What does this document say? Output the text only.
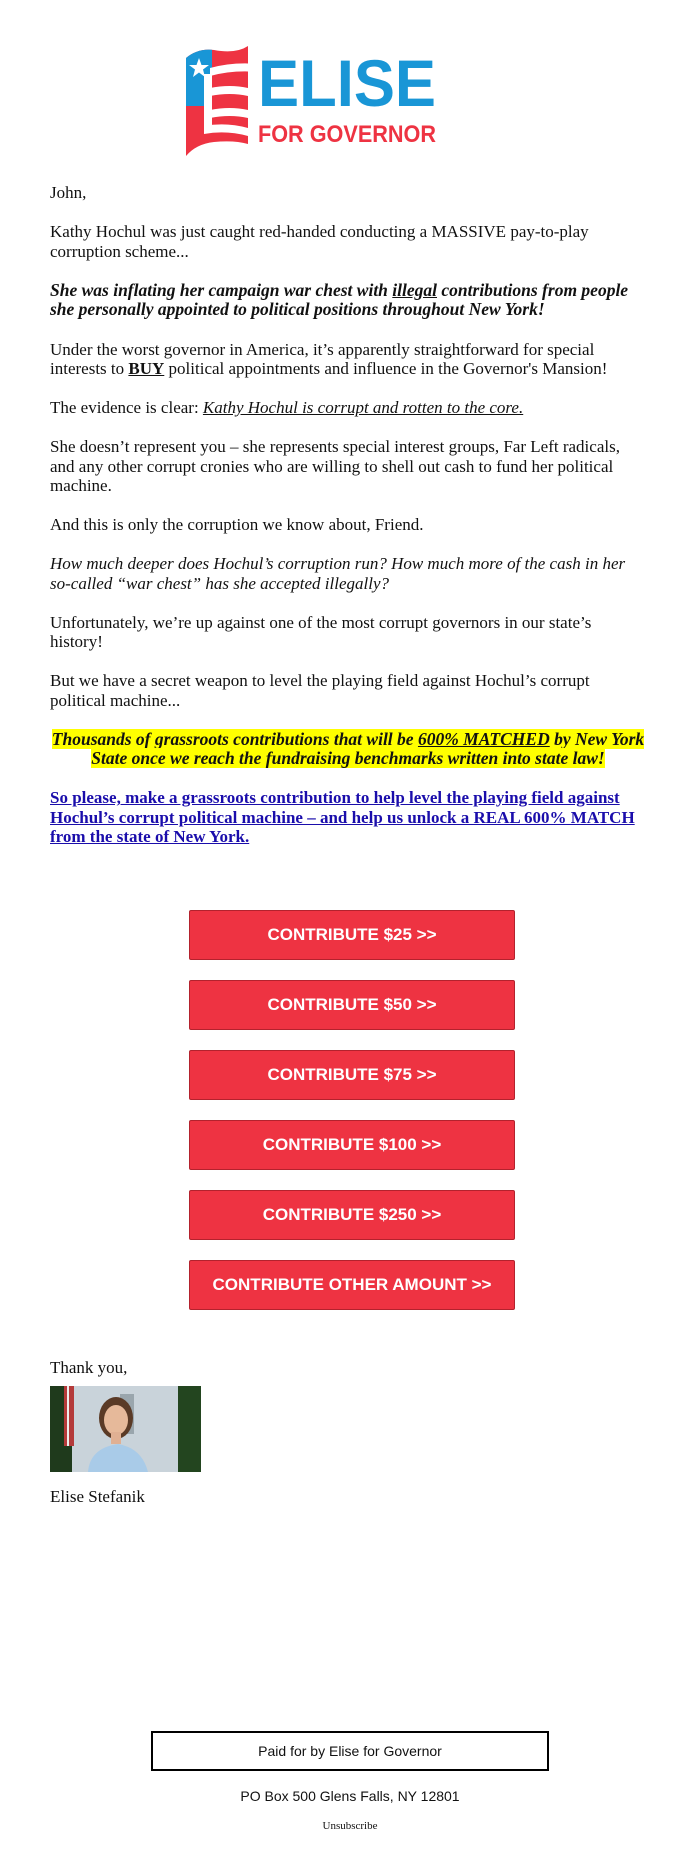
ELISE
FOR GOVERNOR

John,

Kathy Hochul was just caught red-handed conducting a MASSIVE pay-to-play corruption scheme...

She was inflating her campaign war chest with illegal contributions from people she personally appointed to political positions throughout New York!

Under the worst governor in America, it’s apparently straightforward for special interests to BUY political appointments and influence in the Governor's Mansion!

The evidence is clear: Kathy Hochul is corrupt and rotten to the core.

She doesn’t represent you – she represents special interest groups, Far Left radicals, and any other corrupt cronies who are willing to shell out cash to fund her political machine.

And this is only the corruption we know about, Friend.

How much deeper does Hochul’s corruption run? How much more of the cash in her so-called “war chest” has she accepted illegally?

Unfortunately, we’re up against one of the most corrupt governors in our state’s history!

But we have a secret weapon to level the playing field against Hochul’s corrupt political machine...

Thousands of grassroots contributions that will be 600% MATCHED by New York State once we reach the fundraising benchmarks written into state law!

So please, make a grassroots contribution to help level the playing field against Hochul’s corrupt political machine – and help us unlock a REAL 600% MATCH from the state of New York.

CONTRIBUTE $25 >>
CONTRIBUTE $50 >>
CONTRIBUTE $75 >>
CONTRIBUTE $100 >>
CONTRIBUTE $250 >>
CONTRIBUTE OTHER AMOUNT >>
Thank you,
Elise Stefanik
Paid for by Elise for Governor
PO Box 500 Glens Falls, NY 12801
Unsubscribe
